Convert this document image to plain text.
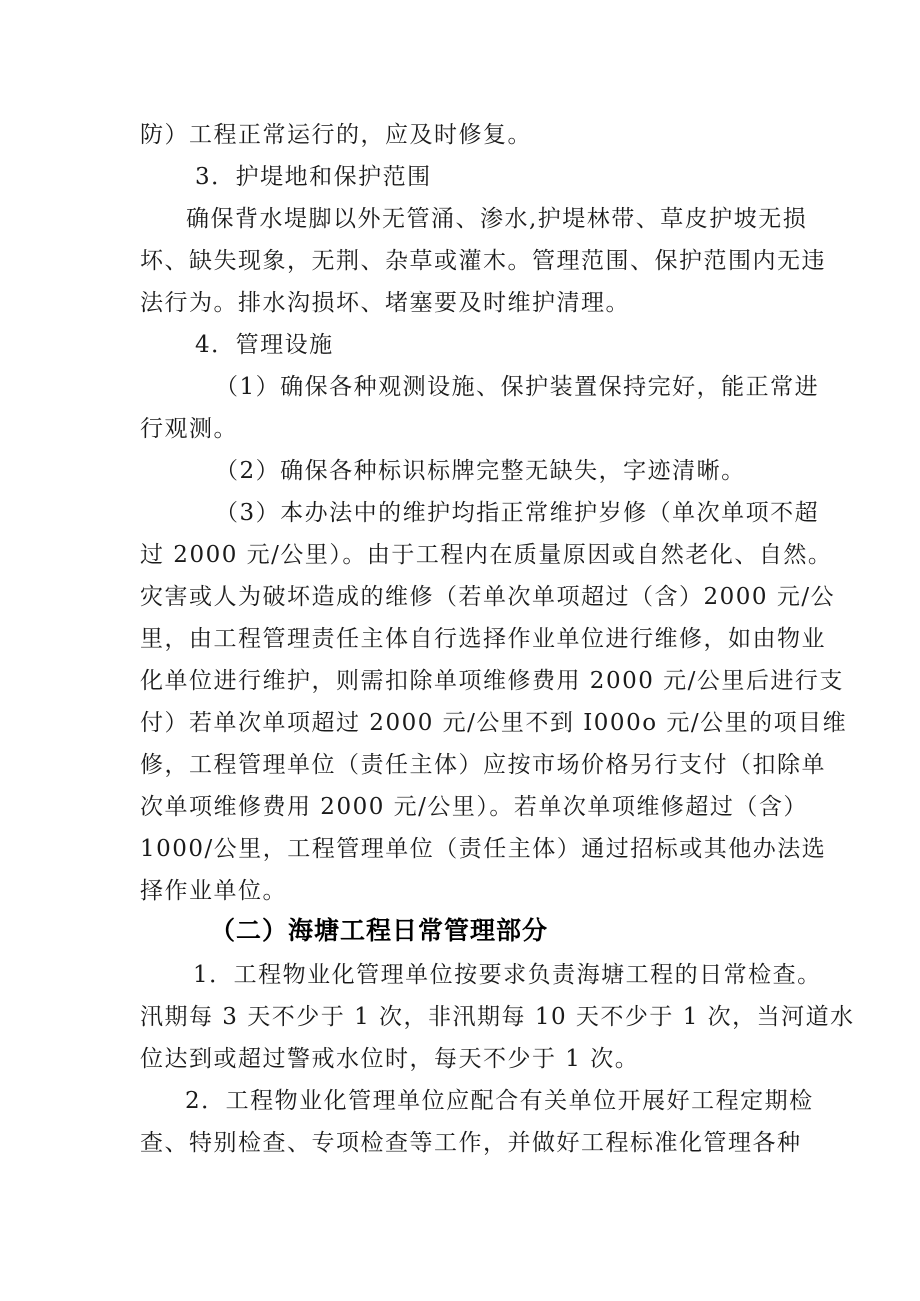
防）工程正常运行的，应及时修复。
3．护堤地和保护范围
确保背水堤脚以外无管涌、渗水,护堤林带、草皮护坡无损
坏、缺失现象，无荆、杂草或灌木。管理范围、保护范围内无违
法行为。排水沟损坏、堵塞要及时维护清理。
4．管理设施
（1）确保各种观测设施、保护装置保持完好，能正常进
行观测。
（2）确保各种标识标牌完整无缺失，字迹清晰。
（3）本办法中的维护均指正常维护岁修（单次单项不超
过 2000 元/公里）。由于工程内在质量原因或自然老化、自然。
灾害或人为破坏造成的维修（若单次单项超过（含）2000 元/公
里，由工程管理责任主体自行选择作业单位进行维修，如由物业
化单位进行维护，则需扣除单项维修费用 2000 元/公里后进行支
付）若单次单项超过 2000 元/公里不到 I000o 元/公里的项目维
修，工程管理单位（责任主体）应按市场价格另行支付（扣除单
次单项维修费用 2000 元/公里）。若单次单项维修超过（含）
1000/公里，工程管理单位（责任主体）通过招标或其他办法选
择作业单位。
（二）海塘工程日常管理部分
1．工程物业化管理单位按要求负责海塘工程的日常检查。
汛期每 3 天不少于 1 次，非汛期每 10 天不少于 1 次，当河道水
位达到或超过警戒水位时，每天不少于 1 次。
2．工程物业化管理单位应配合有关单位开展好工程定期检
查、特别检查、专项检查等工作，并做好工程标准化管理各种
